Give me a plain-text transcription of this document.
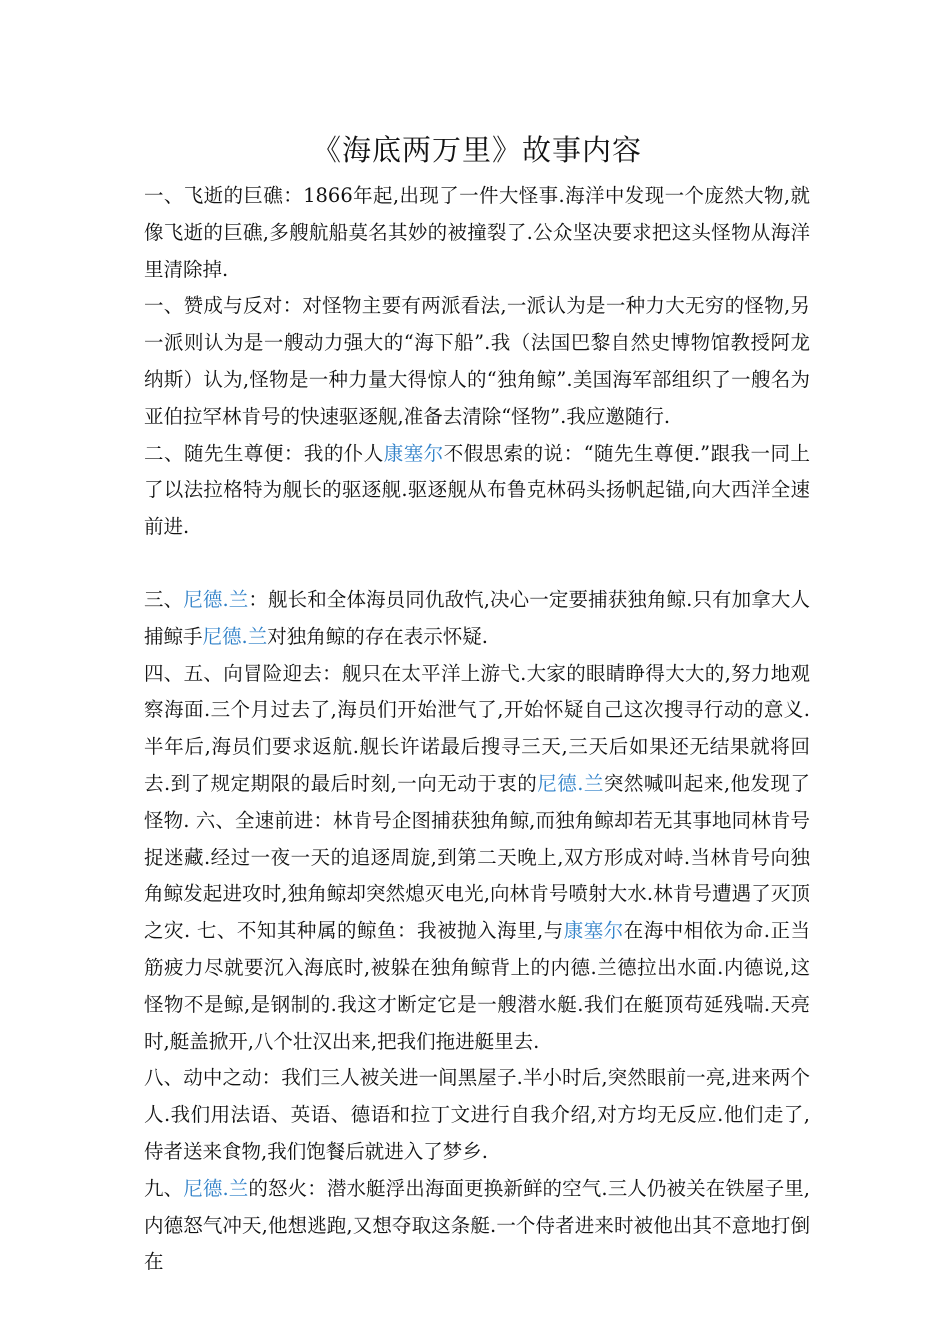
《海底两万里》故事内容

一、飞逝的巨礁：1866年起,出现了一件大怪事.海洋中发现一个庞然大物,就像飞逝的巨礁,多艘航船莫名其妙的被撞裂了.公众坚决要求把这头怪物从海洋里清除掉.

一、赞成与反对：对怪物主要有两派看法,一派认为是一种力大无穷的怪物,另一派则认为是一艘动力强大的“海下船”.我（法国巴黎自然史博物馆教授阿龙纳斯）认为,怪物是一种力量大得惊人的“独角鲸”.美国海军部组织了一艘名为亚伯拉罕林肯号的快速驱逐舰,准备去清除“怪物”.我应邀随行.

二、随先生尊便：我的仆人康塞尔不假思索的说：“随先生尊便.”跟我一同上了以法拉格特为舰长的驱逐舰.驱逐舰从布鲁克林码头扬帆起锚,向大西洋全速前进.

三、尼德.兰：舰长和全体海员同仇敌忾,决心一定要捕获独角鲸.只有加拿大人捕鲸手尼德.兰对独角鲸的存在表示怀疑.

四、五、向冒险迎去：舰只在太平洋上游弋.大家的眼睛睁得大大的,努力地观察海面.三个月过去了,海员们开始泄气了,开始怀疑自己这次搜寻行动的意义.半年后,海员们要求返航.舰长许诺最后搜寻三天,三天后如果还无结果就将回去.到了规定期限的最后时刻,一向无动于衷的尼德.兰突然喊叫起来,他发现了怪物. 六、全速前进：林肯号企图捕获独角鲸,而独角鲸却若无其事地同林肯号捉迷藏.经过一夜一天的追逐周旋,到第二天晚上,双方形成对峙.当林肯号向独角鲸发起进攻时,独角鲸却突然熄灭电光,向林肯号喷射大水.林肯号遭遇了灭顶之灾. 七、不知其种属的鲸鱼：我被抛入海里,与康塞尔在海中相依为命.正当筋疲力尽就要沉入海底时,被躲在独角鲸背上的内德.兰德拉出水面.内德说,这怪物不是鲸,是钢制的.我这才断定它是一艘潜水艇.我们在艇顶苟延残喘.天亮时,艇盖掀开,八个壮汉出来,把我们拖进艇里去.

八、动中之动：我们三人被关进一间黑屋子.半小时后,突然眼前一亮,进来两个人.我们用法语、英语、德语和拉丁文进行自我介绍,对方均无反应.他们走了,侍者送来食物,我们饱餐后就进入了梦乡.

九、尼德.兰的怒火：潜水艇浮出海面更换新鲜的空气.三人仍被关在铁屋子里,内德怒气冲天,他想逃跑,又想夺取这条艇.一个侍者进来时被他出其不意地打倒在
